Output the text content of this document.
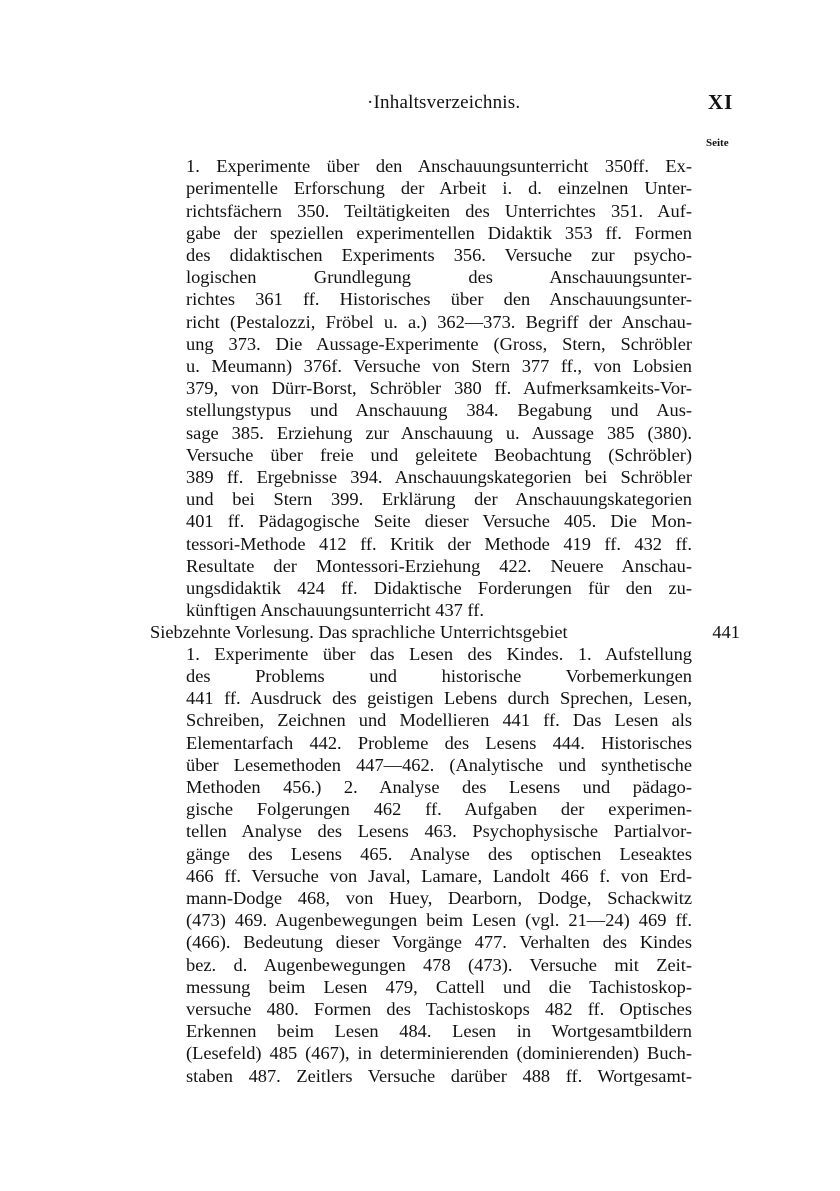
·Inhaltsverzeichnis.	XI
Seite
1. Experimente über den Anschauungsunterricht 350ff. Ex-
perimentelle Erforschung der Arbeit i. d. einzelnen Unter-
richtsfächern 350. Teiltätigkeiten des Unterrichtes 351. Auf-
gabe der speziellen experimentellen Didaktik 353 ff. Formen
des didaktischen Experiments 356. Versuche zur psycho-
logischen Grundlegung des Anschauungsunter-
richtes 361 ff. Historisches über den Anschauungsunter-
richt (Pestalozzi, Fröbel u. a.) 362—373. Begriff der Anschau-
ung 373. Die Aussage-Experimente (Gross, Stern, Schröbler
u. Meumann) 376f. Versuche von Stern 377 ff., von Lobsien
379, von Dürr-Borst, Schröbler 380 ff. Aufmerksamkeits-Vor-
stellungstypus und Anschauung 384. Begabung und Aus-
sage 385. Erziehung zur Anschauung u. Aussage 385 (380).
Versuche über freie und geleitete Beobachtung (Schröbler)
389 ff. Ergebnisse 394. Anschauungskategorien bei Schröbler
und bei Stern 399. Erklärung der Anschauungskategorien
401 ff. Pädagogische Seite dieser Versuche 405. Die Mon-
tessori-Methode 412 ff. Kritik der Methode 419 ff. 432 ff.
Resultate der Montessori-Erziehung 422. Neuere Anschau-
ungsdidaktik 424 ff. Didaktische Forderungen für den zu-
künftigen Anschauungsunterricht 437 ff.
Siebzehnte Vorlesung. Das sprachliche Unterrichtsgebiet	441
1. Experimente über das Lesen des Kindes. 1. Aufstellung
des Problems und historische Vorbemerkungen
441 ff. Ausdruck des geistigen Lebens durch Sprechen, Lesen,
Schreiben, Zeichnen und Modellieren 441 ff. Das Lesen als
Elementarfach 442. Probleme des Lesens 444. Historisches
über Lesemethoden 447—462. (Analytische und synthetische
Methoden 456.) 2. Analyse des Lesens und pädago-
gische Folgerungen 462 ff. Aufgaben der experimen-
tellen Analyse des Lesens 463. Psychophysische Partialvor-
gänge des Lesens 465. Analyse des optischen Leseaktes
466 ff. Versuche von Javal, Lamare, Landolt 466 f. von Erd-
mann-Dodge 468, von Huey, Dearborn, Dodge, Schackwitz
(473) 469. Augenbewegungen beim Lesen (vgl. 21—24) 469 ff.
(466). Bedeutung dieser Vorgänge 477. Verhalten des Kindes
bez. d. Augenbewegungen 478 (473). Versuche mit Zeit-
messung beim Lesen 479, Cattell und die Tachistoskop-
versuche 480. Formen des Tachistoskops 482 ff. Optisches
Erkennen beim Lesen 484. Lesen in Wortgesamtbildern
(Lesefeld) 485 (467), in determinierenden (dominierenden) Buch-
staben 487. Zeitlers Versuche darüber 488 ff. Wortgesamt-
